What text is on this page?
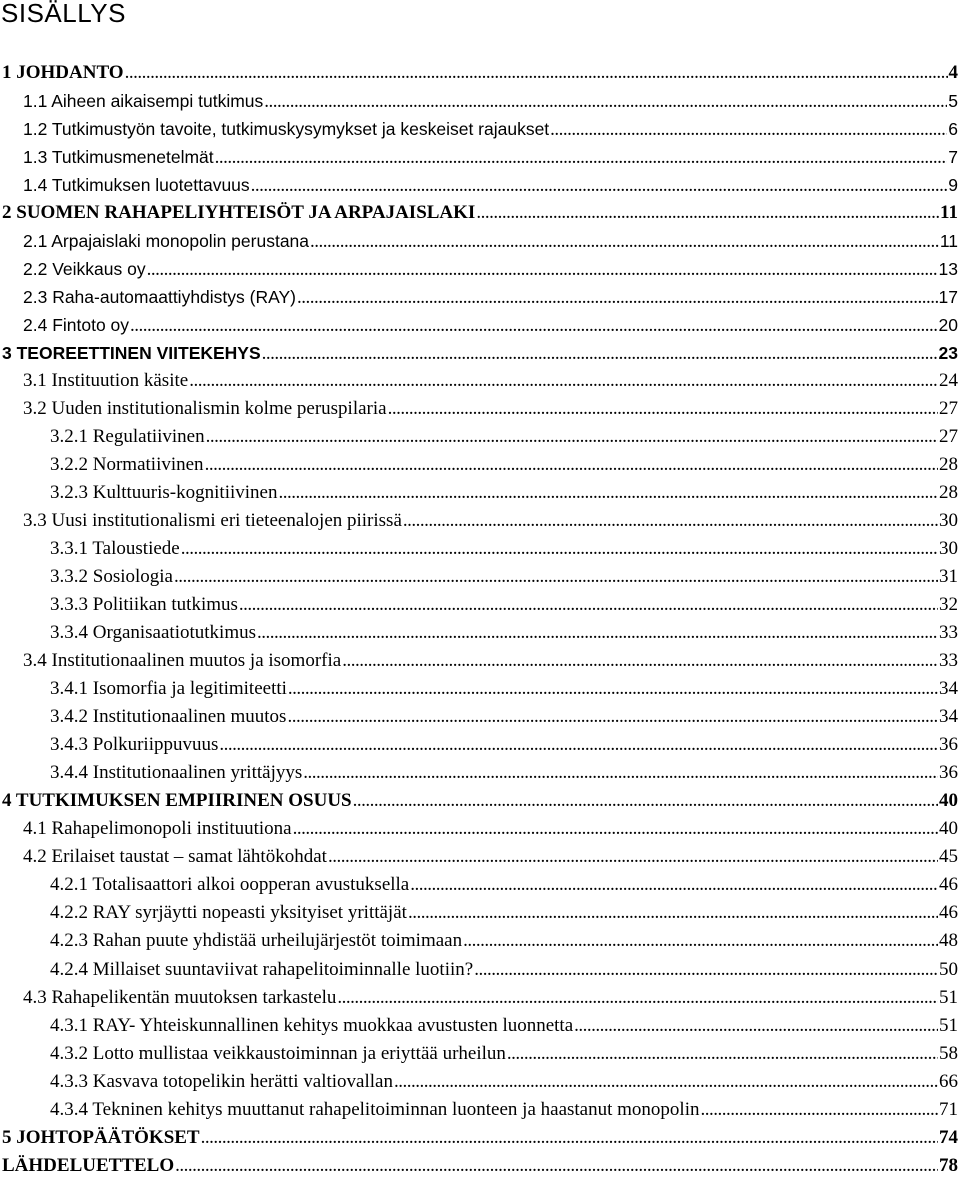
SISÄLLYS
1 JOHDANTO .....	4
1.1 Aiheen aikaisempi tutkimus .....	5
1.2 Tutkimustyön tavoite, tutkimuskysymykset ja keskeiset rajaukset .....	6
1.3 Tutkimusmenetelmät .....	7
1.4 Tutkimuksen luotettavuus .....	9
2 SUOMEN RAHAPELIYHTEISÖT JA ARPAJAISLAKI .....	11
2.1 Arpajaislaki monopolin perustana .....	11
2.2 Veikkaus oy .....	13
2.3 Raha-automaattiyhdistys (RAY) .....	17
2.4 Fintoto oy .....	20
3 TEOREETTINEN VIITEKEHYS .....	23
3.1 Instituution käsite .....	24
3.2 Uuden institutionalismin kolme peruspilaria .....	27
3.2.1 Regulatiivinen .....	27
3.2.2 Normatiivinen .....	28
3.2.3 Kulttuuris-kognitiivinen .....	28
3.3 Uusi institutionalismi eri tieteenalojen piirissä .....	30
3.3.1 Taloustiede .....	30
3.3.2 Sosiologia .....	31
3.3.3 Politiikan tutkimus .....	32
3.3.4 Organisaatiotutkimus .....	33
3.4 Institutionaalinen muutos ja isomorfia .....	33
3.4.1 Isomorfia ja legitimiteetti .....	34
3.4.2 Institutionaalinen muutos .....	34
3.4.3 Polkuriippuvuus .....	36
3.4.4 Institutionaalinen yrittäjyys .....	36
4 TUTKIMUKSEN EMPIIRINEN OSUUS .....	40
4.1 Rahapelimonopoli instituutiona .....	40
4.2 Erilaiset taustat – samat lähtökohdat .....	45
4.2.1 Totalisaattori alkoi oopperan avustuksella .....	46
4.2.2 RAY syrjäytti nopeasti yksityiset yrittäjät .....	46
4.2.3 Rahan puute yhdistää urheilujärjestöt toimimaan .....	48
4.2.4 Millaiset suuntaviivat rahapelitoiminnalle luotiin? .....	50
4.3 Rahapelikentän muutoksen tarkastelu .....	51
4.3.1 RAY- Yhteiskunnallinen kehitys muokkaa avustusten luonnetta .....	51
4.3.2 Lotto mullistaa veikkaustoiminnan ja eriyttää urheilun .....	58
4.3.3 Kasvava totopelikin herätti valtiovallan .....	66
4.3.4 Tekninen kehitys muuttanut rahapelitoiminnan luonteen ja haastanut monopolin .....	71
5 JOHTOPÄÄTÖKSET .....	74
LÄHDELUETTELO .....	78
